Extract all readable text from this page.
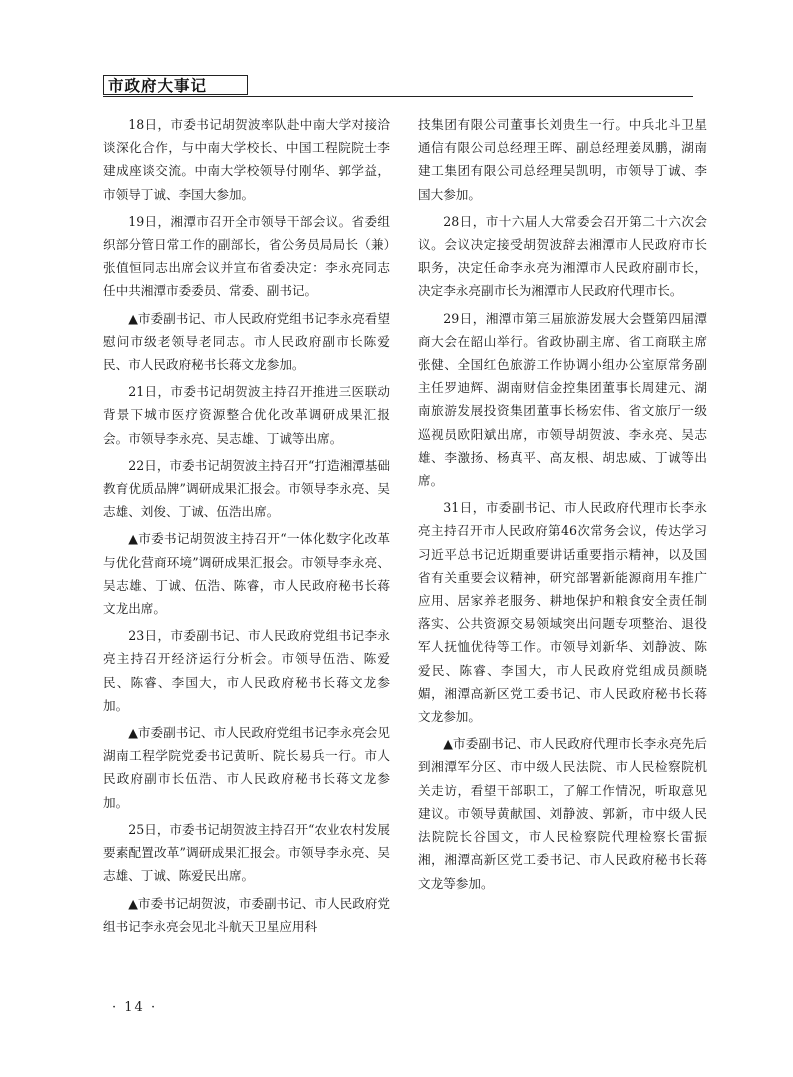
市政府大事记

18日，市委书记胡贺波率队赴中南大学对接洽谈深化合作，与中南大学校长、中国工程院院士李建成座谈交流。中南大学校领导付刚华、郭学益，市领导丁诚、李国大参加。

19日，湘潭市召开全市领导干部会议。省委组织部分管日常工作的副部长，省公务员局局长（兼）张值恒同志出席会议并宣布省委决定：李永亮同志任中共湘潭市委委员、常委、副书记。

▲市委副书记、市人民政府党组书记李永亮看望慰问市级老领导老同志。市人民政府副市长陈爱民、市人民政府秘书长蒋文龙参加。

21日，市委书记胡贺波主持召开推进三医联动背景下城市医疗资源整合优化改革调研成果汇报会。市领导李永亮、吴志雄、丁诚等出席。

22日，市委书记胡贺波主持召开“打造湘潭基础教育优质品牌”调研成果汇报会。市领导李永亮、吴志雄、刘俊、丁诚、伍浩出席。

▲市委书记胡贺波主持召开“一体化数字化改革与优化营商环境”调研成果汇报会。市领导李永亮、吴志雄、丁诚、伍浩、陈睿，市人民政府秘书长蒋文龙出席。

23日，市委副书记、市人民政府党组书记李永亮主持召开经济运行分析会。市领导伍浩、陈爱民、陈睿、李国大，市人民政府秘书长蒋文龙参加。

▲市委副书记、市人民政府党组书记李永亮会见湖南工程学院党委书记黄昕、院长易兵一行。市人民政府副市长伍浩、市人民政府秘书长蒋文龙参加。

25日，市委书记胡贺波主持召开“农业农村发展要素配置改革”调研成果汇报会。市领导李永亮、吴志雄、丁诚、陈爱民出席。

▲市委书记胡贺波，市委副书记、市人民政府党组书记李永亮会见北斗航天卫星应用科

技集团有限公司董事长刘贵生一行。中兵北斗卫星通信有限公司总经理王晖、副总经理姜凤鹏，湖南建工集团有限公司总经理吴凯明，市领导丁诚、李国大参加。

28日，市十六届人大常委会召开第二十六次会议。会议决定接受胡贺波辞去湘潭市人民政府市长职务，决定任命李永亮为湘潭市人民政府副市长，决定李永亮副市长为湘潭市人民政府代理市长。

29日，湘潭市第三届旅游发展大会暨第四届潭商大会在韶山举行。省政协副主席、省工商联主席张健、全国红色旅游工作协调小组办公室原常务副主任罗迪辉、湖南财信金控集团董事长周建元、湖南旅游发展投资集团董事长杨宏伟、省文旅厅一级巡视员欧阳斌出席，市领导胡贺波、李永亮、吴志雄、李激扬、杨真平、高友根、胡忠威、丁诚等出席。

31日，市委副书记、市人民政府代理市长李永亮主持召开市人民政府第46次常务会议，传达学习习近平总书记近期重要讲话重要指示精神，以及国省有关重要会议精神，研究部署新能源商用车推广应用、居家养老服务、耕地保护和粮食安全责任制落实、公共资源交易领域突出问题专项整治、退役军人抚恤优待等工作。市领导刘新华、刘静波、陈爱民、陈睿、李国大，市人民政府党组成员颜晓媚，湘潭高新区党工委书记、市人民政府秘书长蒋文龙参加。

▲市委副书记、市人民政府代理市长李永亮先后到湘潭军分区、市中级人民法院、市人民检察院机关走访，看望干部职工，了解工作情况，听取意见建议。市领导黄献国、刘静波、郭新，市中级人民法院院长谷国文，市人民检察院代理检察长雷振湘，湘潭高新区党工委书记、市人民政府秘书长蒋文龙等参加。

· 14 ·
